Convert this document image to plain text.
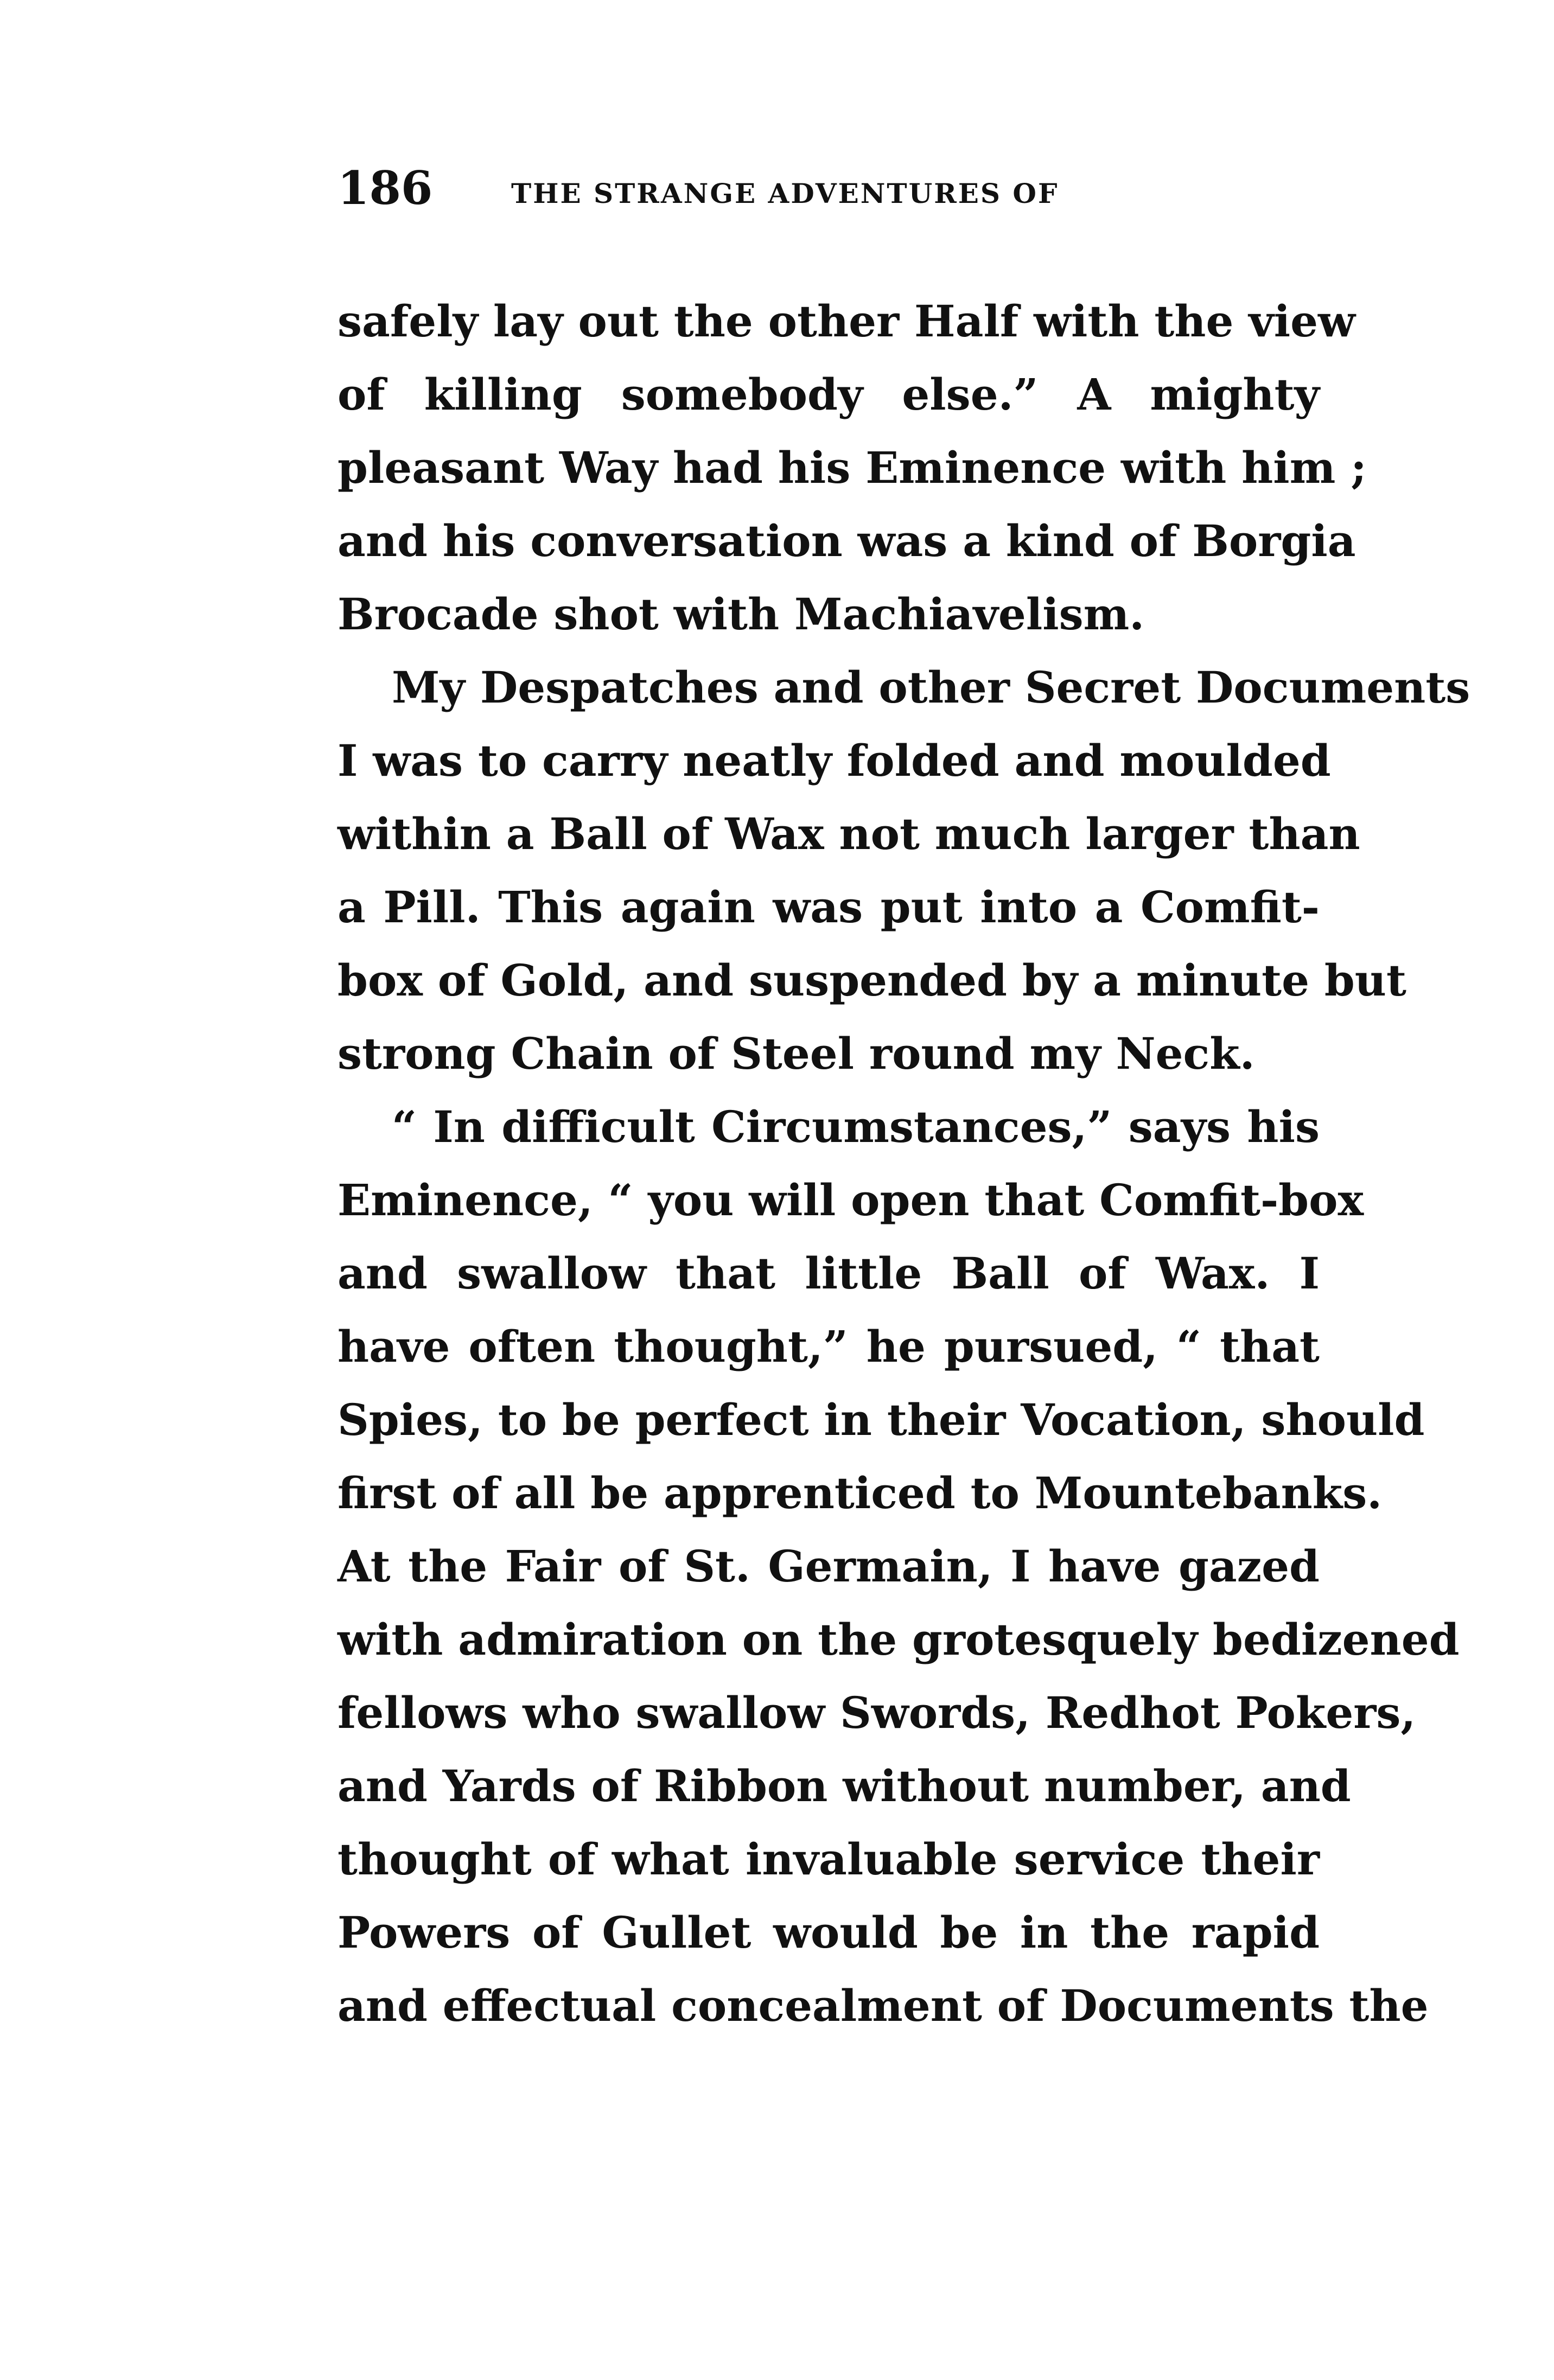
186	THE STRANGE ADVENTURES OF
safely lay out the other Half with the view
of killing somebody else.” A mighty
pleasant Way had his Eminence with him ;
and his conversation was a kind of Borgia
Brocade shot with Machiavelism.
My Despatches and other Secret Documents
I was to carry neatly folded and moulded
within a Ball of Wax not much larger than
a Pill. This again was put into a Comfit-
box of Gold, and suspended by a minute but
strong Chain of Steel round my Neck.
“ In difficult Circumstances,” says his
Eminence, “ you will open that Comfit-box
and swallow that little Ball of Wax. I
have often thought,” he pursued, “ that
Spies, to be perfect in their Vocation, should
first of all be apprenticed to Mountebanks.
At the Fair of St. Germain, I have gazed
with admiration on the grotesquely bedizened
fellows who swallow Swords, Redhot Pokers,
and Yards of Ribbon without number, and
thought of what invaluable service their
Powers of Gullet would be in the rapid
and effectual concealment of Documents the
